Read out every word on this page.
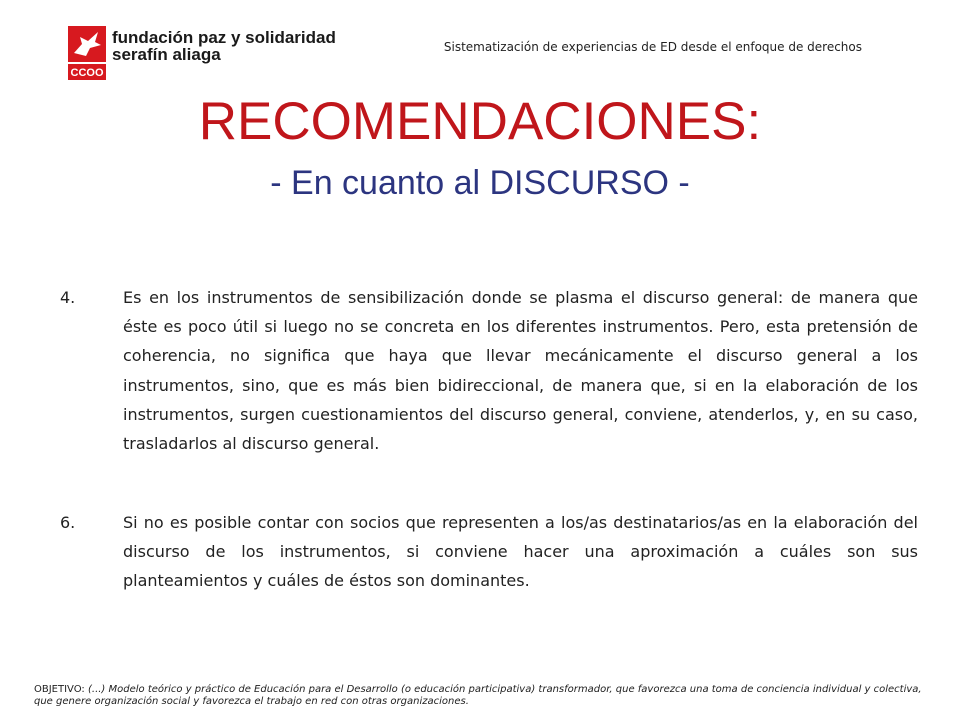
CCOO
fundación paz y solidaridad
serafín aliaga	Sistematización de experiencias de ED desde el enfoque de derechos
RECOMENDACIONES:
- En cuanto al DISCURSO -
4.	Es en los instrumentos de sensibilización donde se plasma el discurso general: de manera que éste es poco útil si luego no se concreta en los diferentes instrumentos. Pero, esta pretensión de coherencia, no significa que haya que llevar mecánicamente el discurso general a los instrumentos, sino, que es más bien bidireccional, de manera que, si en la elaboración de los instrumentos, surgen cuestionamientos del discurso general, conviene, atenderlos, y, en su caso, trasladarlos al discurso general.
6.	Si no es posible contar con socios que representen a los/as destinatarios/as en la elaboración del discurso de los instrumentos, si conviene hacer una aproximación a cuáles son sus planteamientos y cuáles de éstos son dominantes.
OBJETIVO: (...) Modelo teórico y práctico de Educación para el Desarrollo (o educación participativa) transformador, que favorezca una toma de conciencia individual y colectiva, que genere organización social y favorezca el trabajo en red con otras organizaciones.
